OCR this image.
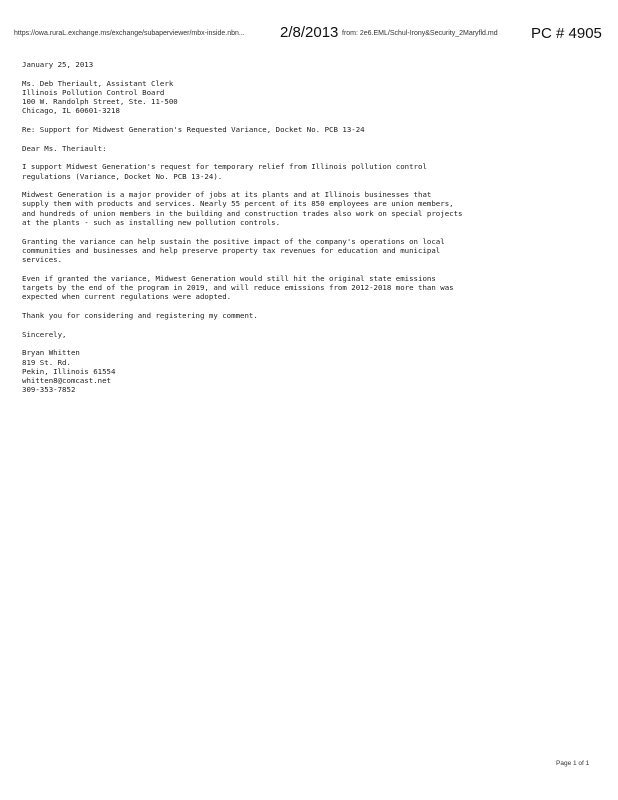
https://owa.ruraL.exchange.ms/exchange/subaperviewer/mbx-inside.nbn... 2/8/2013 from: 2e6.EML/Schul-Irony&Security_2Maryfld.md PC # 4905

January 25, 2013

Ms. Deb Theriault, Assistant Clerk
Illinois Pollution Control Board
100 W. Randolph Street, Ste. 11-500
Chicago, IL 60601-3218

Re: Support for Midwest Generation's Requested Variance, Docket No. PCB 13-24

Dear Ms. Theriault:

I support Midwest Generation's request for temporary relief from Illinois pollution control
regulations (Variance, Docket No. PCB 13-24).
Midwest Generation is a major provider of jobs at its plants and at Illinois businesses that
supply them with products and services. Nearly 55 percent of its 850 employees are union members,
and hundreds of union members in the building and construction trades also work on special projects
at the plants - such as installing new pollution controls.
Granting the variance can help sustain the positive impact of the company's operations on local
communities and businesses and help preserve property tax revenues for education and municipal
services.
Even if granted the variance, Midwest Generation would still hit the original state emissions
targets by the end of the program in 2019, and will reduce emissions from 2012-2018 more than was
expected when current regulations were adopted.
Thank you for considering and registering my comment.

Sincerely,

Bryan Whitten
819 St. Rd.
Pekin, Illinois 61554
whitten8@comcast.net
309-353-7852
Page 1 of 1
